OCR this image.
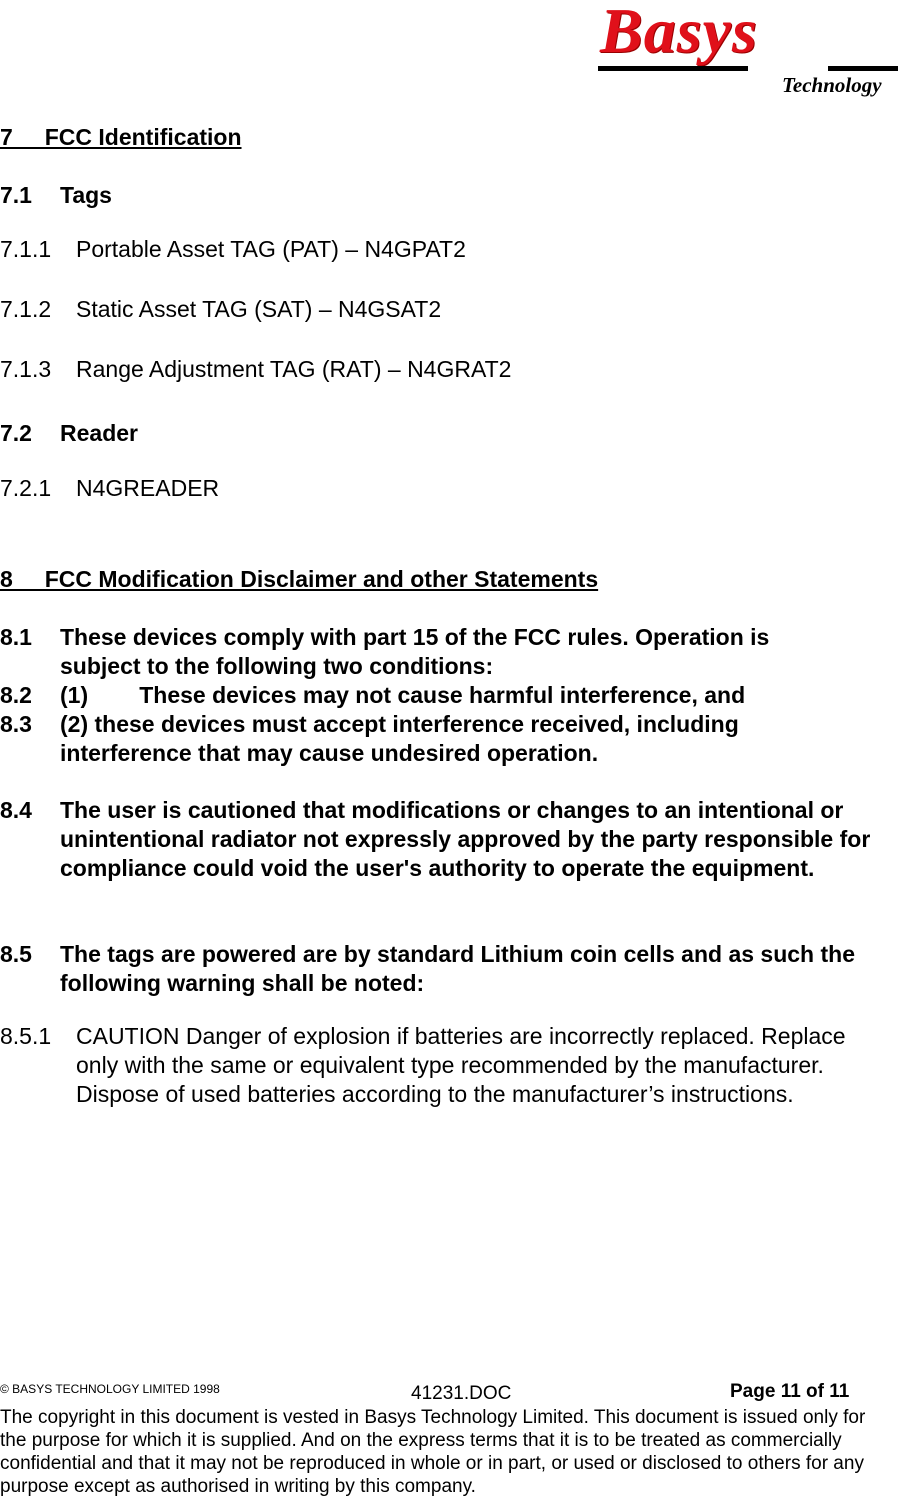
Basys
Technology
7     FCC Identification
7.1 Tags
7.1.1 Portable Asset TAG (PAT) – N4GPAT2
7.1.2 Static Asset TAG (SAT) – N4GSAT2
7.1.3 Range Adjustment TAG (RAT) – N4GRAT2
7.2 Reader
7.2.1 N4GREADER
8     FCC Modification Disclaimer and other Statements
8.1 These devices comply with part 15 of the FCC rules. Operation is subject to the following two conditions:
8.2 (1)        These devices may not cause harmful interference, and
8.3 (2) these devices must accept interference received, including interference that may cause undesired operation.
8.4 The user is cautioned that modifications or changes to an intentional or unintentional radiator not expressly approved by the party responsible for compliance could void the user's authority to operate the equipment.
8.5 The tags are powered are by standard Lithium coin cells and as such the following warning shall be noted:
8.5.1 CAUTION Danger of explosion if batteries are incorrectly replaced. Replace only with the same or equivalent type recommended by the manufacturer. Dispose of used batteries according to the manufacturer’s instructions.
© BASYS TECHNOLOGY LIMITED 1998	41231.DOC	Page 11 of 11
The copyright in this document is vested in Basys Technology Limited. This document is issued only for the purpose for which it is supplied. And on the express terms that it is to be treated as commercially confidential and that it may not be reproduced in whole or in part, or used or disclosed to others for any purpose except as authorised in writing by this company.
